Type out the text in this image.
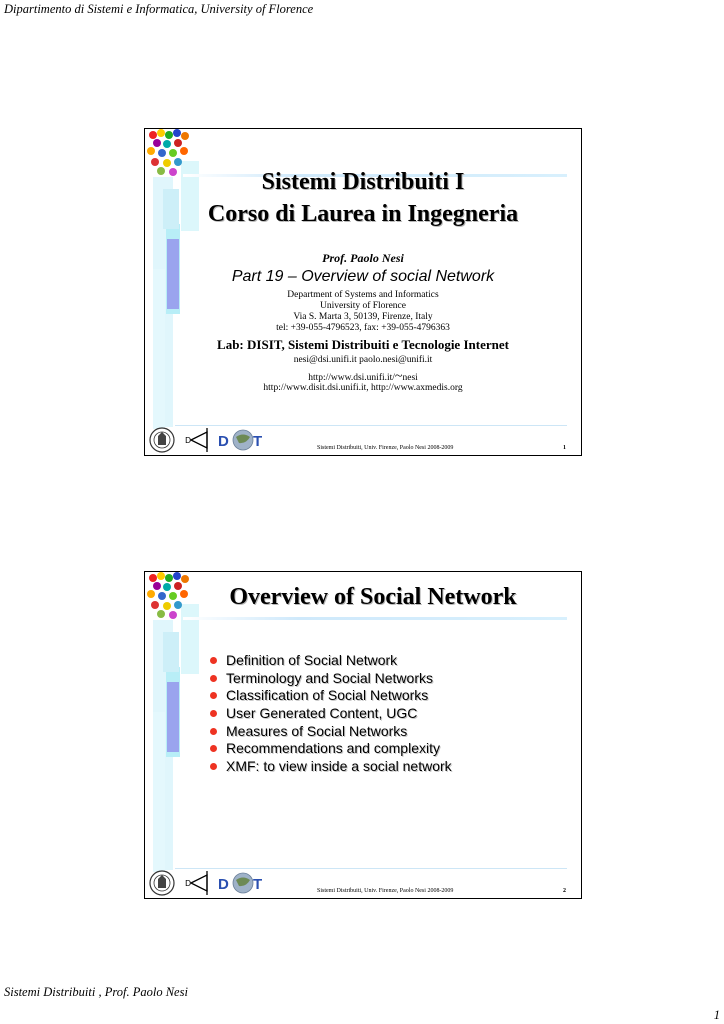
Dipartimento di Sistemi e Informatica, University of Florence
Sistemi Distribuiti , Prof. Paolo Nesi
1
Sistemi Distribuiti I
Corso di Laurea in Ingegneria
Prof. Paolo Nesi
Part 19 – Overview of social Network
Department of Systems and Informatics
University of Florence
Via S. Marta 3, 50139, Firenze, Italy
tel: +39-055-4796523, fax: +39-055-4796363
Lab: DISIT, Sistemi Distribuiti e Tecnologie Internet
nesi@dsi.unifi.it paolo.nesi@unifi.it
http://www.dsi.unifi.it/~nesi
http://www.disit.dsi.unifi.it, http://www.axmedis.org
D D T	Sistemi Distribuiti, Univ. Firenze, Paolo Nesi 2008-2009	1
Overview of Social Network
Definition of Social Network
Terminology and Social Networks
Classification of Social Networks
User Generated Content, UGC
Measures of Social Networks
Recommendations and complexity
XMF: to view inside a social network
D D T	Sistemi Distribuiti, Univ. Firenze, Paolo Nesi 2008-2009	2
